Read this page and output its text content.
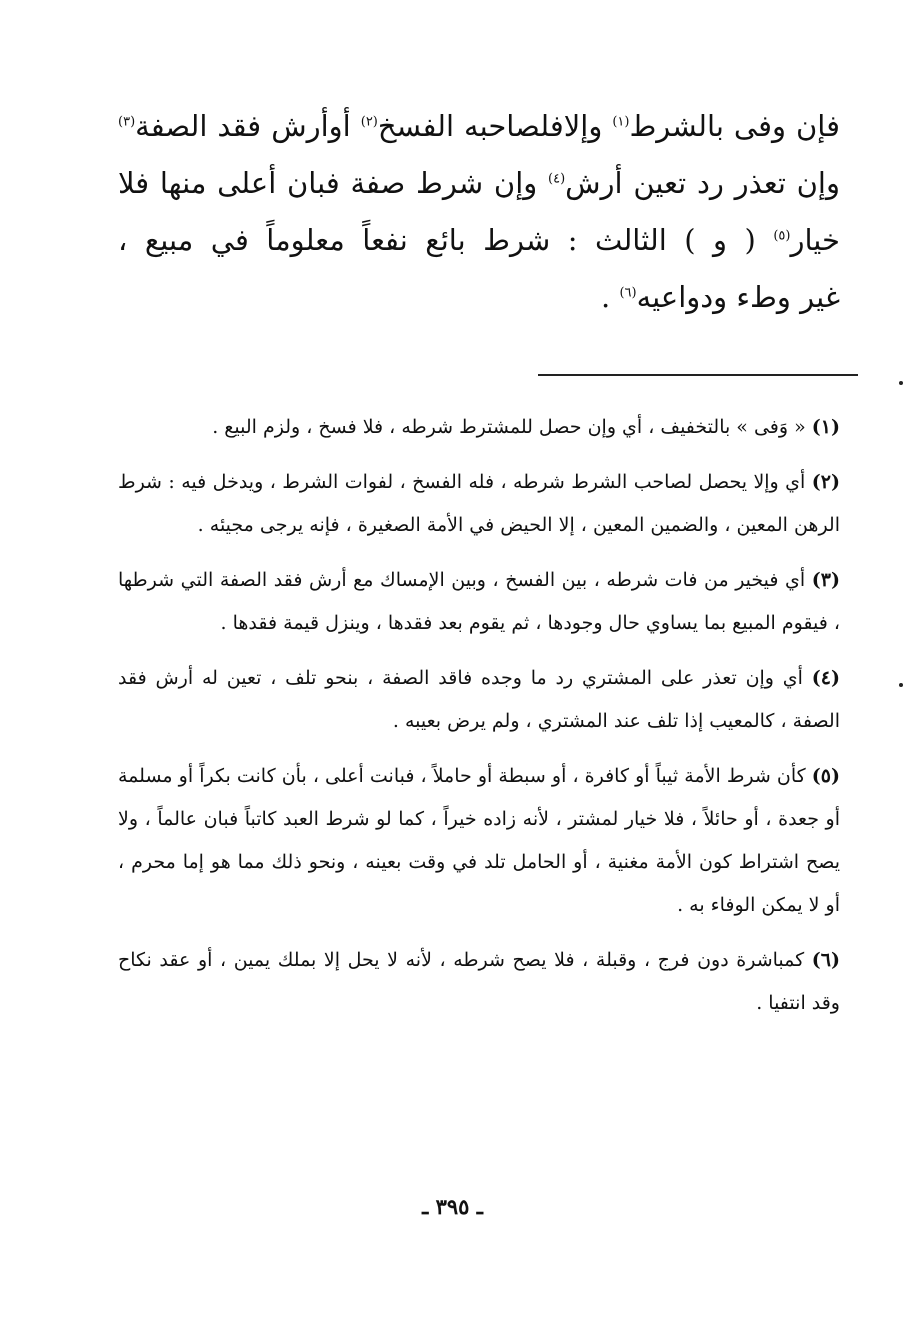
فإن وفى بالشرط$^{(١)}$ وإلافلصاحبه الفسخ$^{(٢)}$ أوأرش فقد الصفة$^{(٣)}$
وإن تعذر رد تعين أرش$^{(٤)}$ وإن شرط صفة فبان أعلى منها فلا
خيار$^{(٥)}$ ( و ) الثالث : شرط بائع نفعاً معلوماً في مبيع ،
غير وطء ودواعيه$^{(٦)}$ .

(١) « وَفى » بالتخفيف ، أي وإن حصل للمشترط شرطه ، فلا فسخ ، ولزم البيع .

(٢) أي وإلا يحصل لصاحب الشرط شرطه ، فله الفسخ ، لفوات الشرط ، ويدخل فيه : شرط الرهن المعين ، والضمين المعين ، إلا الحيض في الأمة الصغيرة ، فإنه يرجى مجيئه .

(٣) أي فيخير من فات شرطه ، بين الفسخ ، وبين الإمساك مع أرش فقد الصفة التي شرطها ، فيقوم المبيع بما يساوي حال وجودها ، ثم يقوم بعد فقدها ، وينزل قيمة فقدها .

(٤) أي وإن تعذر على المشتري رد ما وجده فاقد الصفة ، بنحو تلف ، تعين له أرش فقد الصفة ، كالمعيب إذا تلف عند المشتري ، ولم يرض بعيبه .

(٥) كأن شرط الأمة ثيباً أو كافرة ، أو سبطة أو حاملاً ، فبانت أعلى ، بأن كانت بكراً أو مسلمة أو جعدة ، أو حائلاً ، فلا خيار لمشتر ، لأنه زاده خيراً ، كما لو شرط العبد كاتباً فبان عالماً ، ولا يصح اشتراط كون الأمة مغنية ، أو الحامل تلد في وقت بعينه ، ونحو ذلك مما هو إما محرم ، أو لا يمكن الوفاء به .

(٦) كمباشرة دون فرج ، وقبلة ، فلا يصح شرطه ، لأنه لا يحل إلا بملك يمين ، أو عقد نكاح وقد انتفيا .

ـ ٣٩٥ ـ
